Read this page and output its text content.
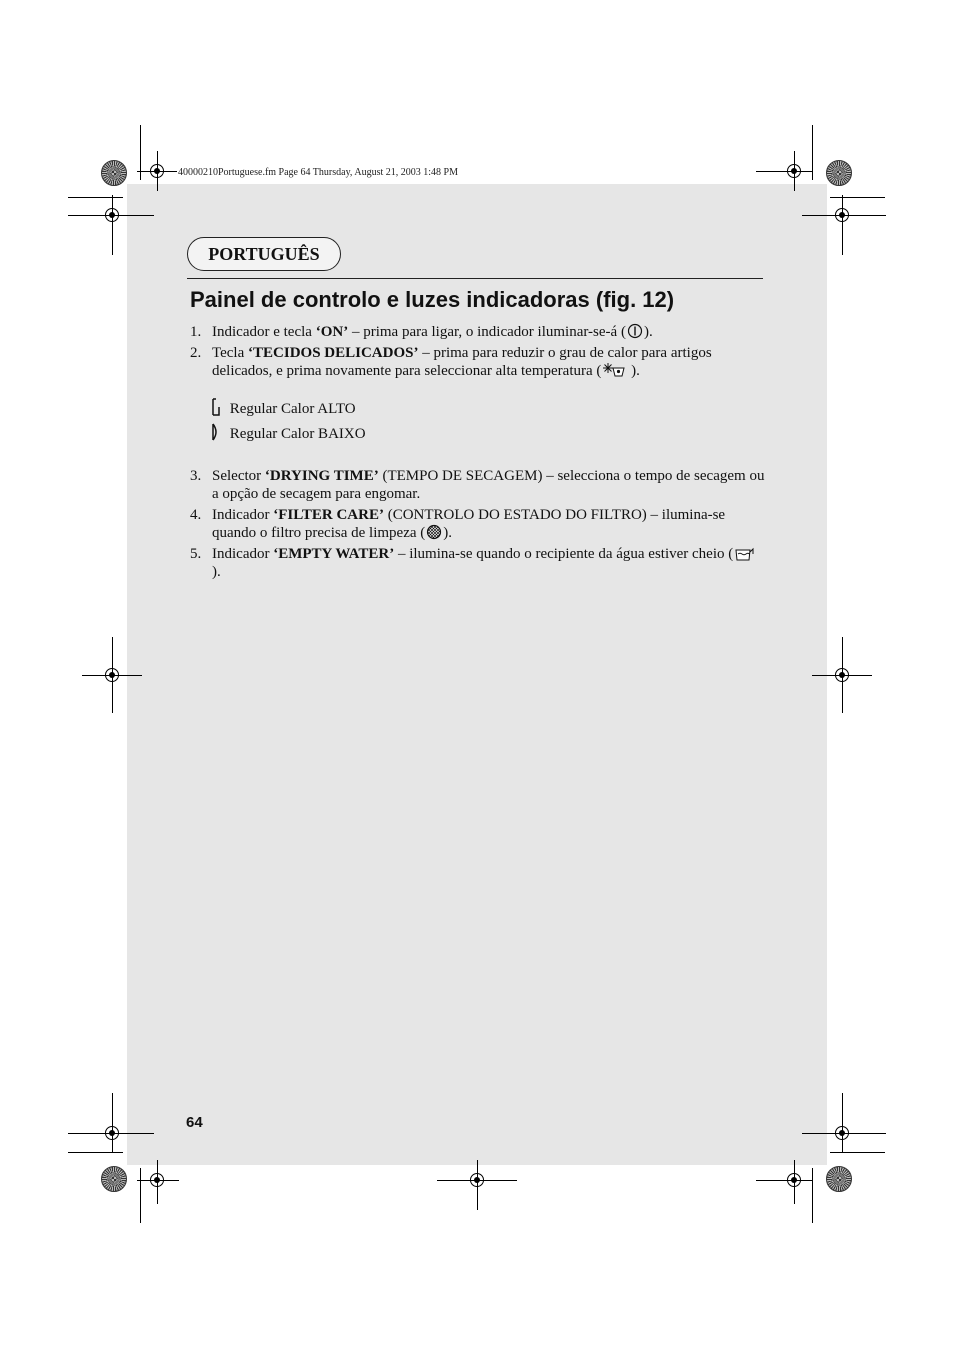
40000210Portuguese.fm Page 64 Thursday, August 21, 2003 1:48 PM
PORTUGUÊS
Painel de controlo e luzes indicadoras (fig. 12)
1. Indicador e tecla ‘ON’ – prima para ligar, o indicador iluminar-se-á ( ).
2. Tecla ‘TECIDOS DELICADOS’ – prima para reduzir o grau de calor para artigos delicados, e prima novamente para seleccionar alta temperatura ( ).
Regular Calor ALTO
Regular Calor BAIXO
3. Selector ‘DRYING TIME’ (TEMPO DE SECAGEM) – selecciona o tempo de secagem ou a opção de secagem para engomar.
4. Indicador ‘FILTER CARE’ (CONTROLO DO ESTADO DO FILTRO) – ilumina-se quando o filtro precisa de limpeza ( ).
5. Indicador ‘EMPTY WATER’ – ilumina-se quando o recipiente da água estiver cheio ( ).
64
